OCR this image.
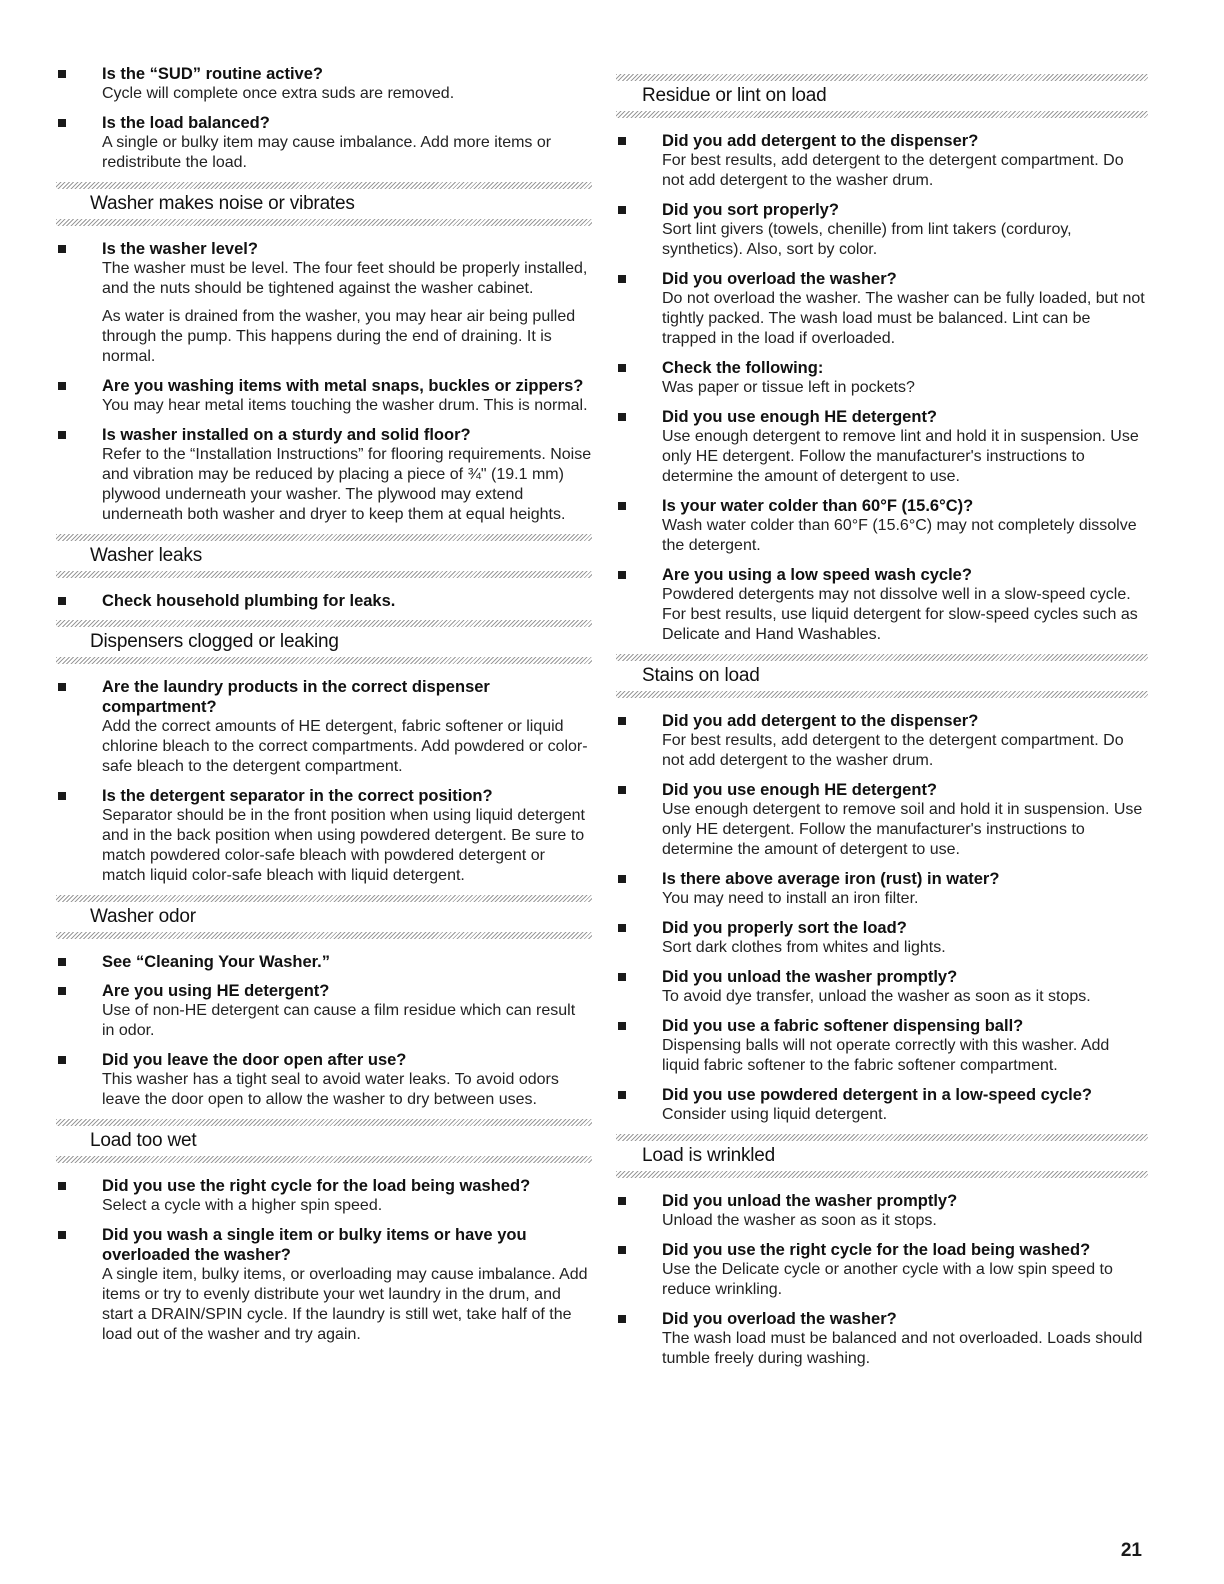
Is the “SUD” routine active?
Cycle will complete once extra suds are removed.
Is the load balanced?
A single or bulky item may cause imbalance. Add more items or redistribute the load.
Washer makes noise or vibrates
Is the washer level?
The washer must be level. The four feet should be properly installed, and the nuts should be tightened against the washer cabinet.
As water is drained from the washer, you may hear air being pulled through the pump. This happens during the end of draining. It is normal.
Are you washing items with metal snaps, buckles or zippers?
You may hear metal items touching the washer drum. This is normal.
Is washer installed on a sturdy and solid floor?
Refer to the “Installation Instructions” for flooring requirements. Noise and vibration may be reduced by placing a piece of ¾" (19.1 mm) plywood underneath your washer. The plywood may extend underneath both washer and dryer to keep them at equal heights.
Washer leaks
Check household plumbing for leaks.
Dispensers clogged or leaking
Are the laundry products in the correct dispenser compartment?
Add the correct amounts of HE detergent, fabric softener or liquid chlorine bleach to the correct compartments. Add powdered or color-safe bleach to the detergent compartment.
Is the detergent separator in the correct position?
Separator should be in the front position when using liquid detergent and in the back position when using powdered detergent. Be sure to match powdered color-safe bleach with powdered detergent or match liquid color-safe bleach with liquid detergent.
Washer odor
See “Cleaning Your Washer.”
Are you using HE detergent?
Use of non-HE detergent can cause a film residue which can result in odor.
Did you leave the door open after use?
This washer has a tight seal to avoid water leaks. To avoid odors leave the door open to allow the washer to dry between uses.
Load too wet
Did you use the right cycle for the load being washed?
Select a cycle with a higher spin speed.
Did you wash a single item or bulky items or have you overloaded the washer?
A single item, bulky items, or overloading may cause imbalance. Add items or try to evenly distribute your wet laundry in the drum, and start a DRAIN/SPIN cycle. If the laundry is still wet, take half of the load out of the washer and try again.
Residue or lint on load
Did you add detergent to the dispenser?
For best results, add detergent to the detergent compartment. Do not add detergent to the washer drum.
Did you sort properly?
Sort lint givers (towels, chenille) from lint takers (corduroy, synthetics). Also, sort by color.
Did you overload the washer?
Do not overload the washer. The washer can be fully loaded, but not tightly packed. The wash load must be balanced. Lint can be trapped in the load if overloaded.
Check the following:
Was paper or tissue left in pockets?
Did you use enough HE detergent?
Use enough detergent to remove lint and hold it in suspension. Use only HE detergent. Follow the manufacturer's instructions to determine the amount of detergent to use.
Is your water colder than 60°F (15.6°C)?
Wash water colder than 60°F (15.6°C) may not completely dissolve the detergent.
Are you using a low speed wash cycle?
Powdered detergents may not dissolve well in a slow-speed cycle. For best results, use liquid detergent for slow-speed cycles such as Delicate and Hand Washables.
Stains on load
Did you add detergent to the dispenser?
For best results, add detergent to the detergent compartment. Do not add detergent to the washer drum.
Did you use enough HE detergent?
Use enough detergent to remove soil and hold it in suspension. Use only HE detergent. Follow the manufacturer's instructions to determine the amount of detergent to use.
Is there above average iron (rust) in water?
You may need to install an iron filter.
Did you properly sort the load?
Sort dark clothes from whites and lights.
Did you unload the washer promptly?
To avoid dye transfer, unload the washer as soon as it stops.
Did you use a fabric softener dispensing ball?
Dispensing balls will not operate correctly with this washer. Add liquid fabric softener to the fabric softener compartment.
Did you use powdered detergent in a low-speed cycle?
Consider using liquid detergent.
Load is wrinkled
Did you unload the washer promptly?
Unload the washer as soon as it stops.
Did you use the right cycle for the load being washed?
Use the Delicate cycle or another cycle with a low spin speed to reduce wrinkling.
Did you overload the washer?
The wash load must be balanced and not overloaded. Loads should tumble freely during washing.
21
